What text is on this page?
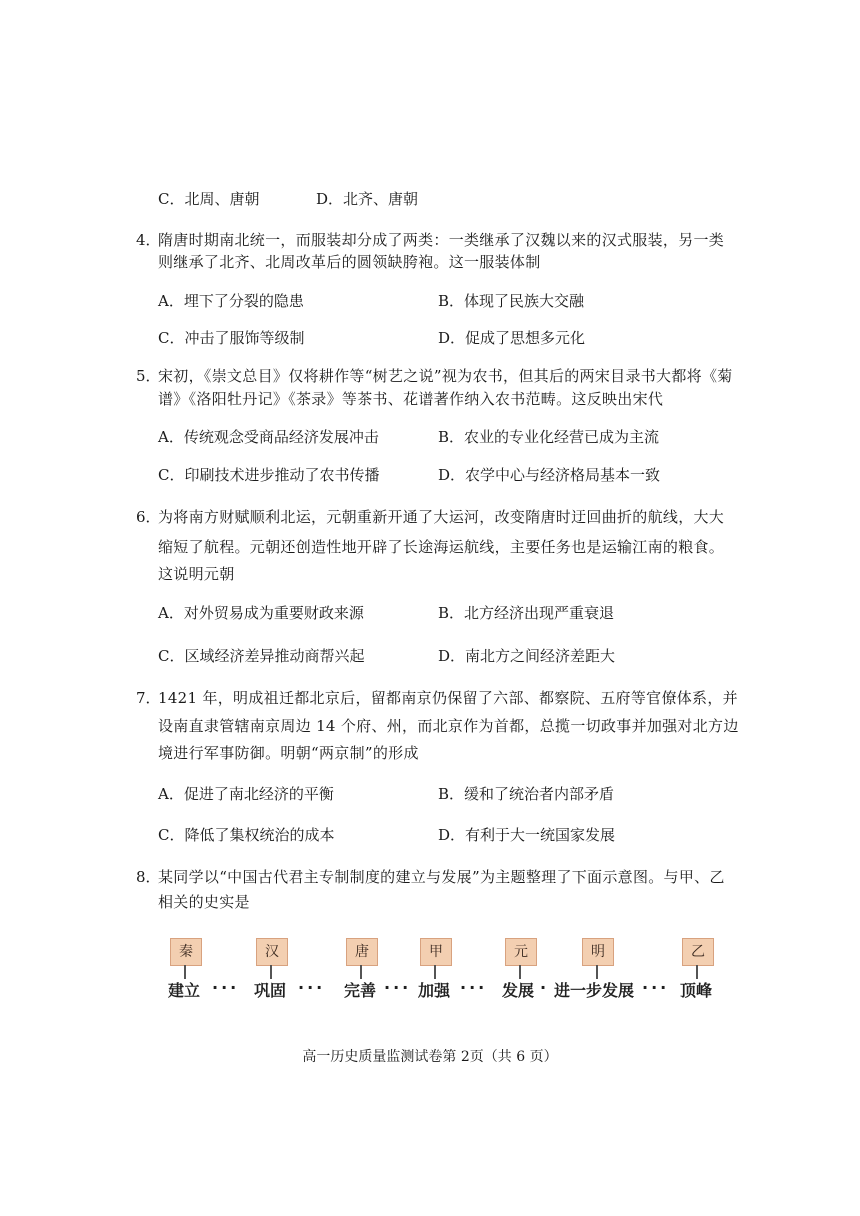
C．北周、唐朝	D．北齐、唐朝
4．
隋唐时期南北统一，而服装却分成了两类：一类继承了汉魏以来的汉式服装，另一类
则继承了北齐、北周改革后的圆领缺胯袍。这一服装体制
A．埋下了分裂的隐患	B．体现了民族大交融
C．冲击了服饰等级制	D．促成了思想多元化
5．
宋初，《崇文总目》仅将耕作等“树艺之说”视为农书，但其后的两宋目录书大都将《菊
谱》《洛阳牡丹记》《茶录》等茶书、花谱著作纳入农书范畴。这反映出宋代
A．传统观念受商品经济发展冲击	B．农业的专业化经营已成为主流
C．印刷技术进步推动了农书传播	D．农学中心与经济格局基本一致
6．
为将南方财赋顺利北运，元朝重新开通了大运河，改变隋唐时迂回曲折的航线，大大
缩短了航程。元朝还创造性地开辟了长途海运航线，主要任务也是运输江南的粮食。
这说明元朝
A．对外贸易成为重要财政来源	B．北方经济出现严重衰退
C．区域经济差异推动商帮兴起	D．南北方之间经济差距大
7．
1421 年，明成祖迁都北京后，留都南京仍保留了六部、都察院、五府等官僚体系，并
设南直隶管辖南京周边 14 个府、州，而北京作为首都，总揽一切政事并加强对北方边
境进行军事防御。明朝“两京制”的形成
A．促进了南北经济的平衡	B．缓和了统治者内部矛盾
C．降低了集权统治的成本	D．有利于大一统国家发展
8．
某同学以“中国古代君主专制制度的建立与发展”为主题整理了下面示意图。与甲、乙
相关的史实是
秦	汉	唐	甲	元	明	乙
建立 ··· 巩固 ··· 完善 ··· 加强 ··· 发展 · 进一步发展 ··· 顶峰
高一历史质量监测试卷第 2页（共 6 页）
